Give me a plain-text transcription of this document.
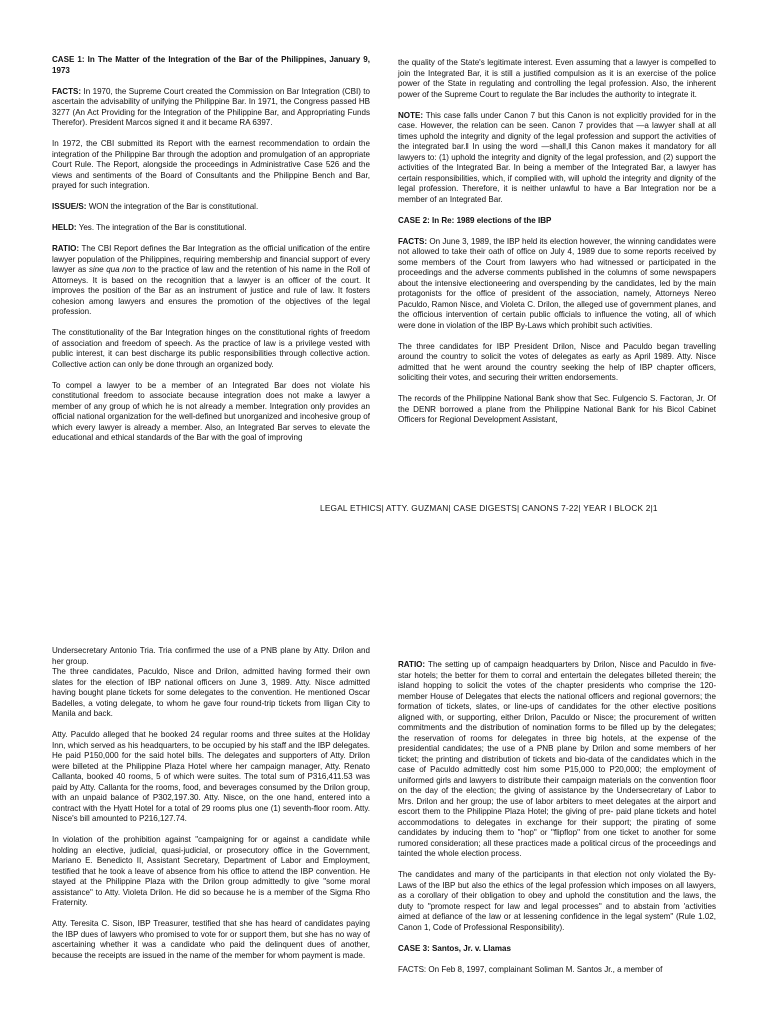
CASE 1: In The Matter of the Integration of the Bar of the Philippines, January 9, 1973

FACTS: In 1970, the Supreme Court created the Commission on Bar Integration (CBI) to ascertain the advisability of unifying the Philippine Bar. In 1971, the Congress passed HB 3277 (An Act Providing for the Integration of the Philippine Bar, and Appropriating Funds Therefor). President Marcos signed it and it became RA 6397.

In 1972, the CBI submitted its Report with the earnest recommendation to ordain the integration of the Philippine Bar through the adoption and promulgation of an appropriate Court Rule. The Report, alongside the proceedings in Administrative Case 526 and the views and sentiments of the Board of Consultants and the Philippine Bench and Bar, prayed for such integration.

ISSUE/S: WON the integration of the Bar is constitutional.

HELD: Yes. The integration of the Bar is constitutional.

RATIO: The CBI Report defines the Bar Integration as the official unification of the entire lawyer population of the Philippines, requiring membership and financial support of every lawyer as sine qua non to the practice of law and the retention of his name in the Roll of Attorneys. It is based on the recognition that a lawyer is an officer of the court. It improves the position of the Bar as an instrument of justice and rule of law. It fosters cohesion among lawyers and ensures the promotion of the objectives of the legal profession.

The constitutionality of the Bar Integration hinges on the constitutional rights of freedom of association and freedom of speech. As the practice of law is a privilege vested with public interest, it can best discharge its public responsibilities through collective action. Collective action can only be done through an organized body.

To compel a lawyer to be a member of an Integrated Bar does not violate his constitutional freedom to associate because integration does not make a lawyer a member of any group of which he is not already a member. Integration only provides an official national organization for the well-defined but unorganized and incohesive group of which every lawyer is already a member. Also, an Integrated Bar serves to elevate the educational and ethical standards of the Bar with the goal of improving

the quality of the State's legitimate interest. Even assuming that a lawyer is compelled to join the Integrated Bar, it is still a justified compulsion as it is an exercise of the police power of the State in regulating and controlling the legal profession. Also, the inherent power of the Supreme Court to regulate the Bar includes the authority to integrate it.

NOTE: This case falls under Canon 7 but this Canon is not explicitly provided for in the case. However, the relation can be seen. Canon 7 provides that ―a lawyer shall at all times uphold the integrity and dignity of the legal profession and support the activities of the integrated bar.‖ In using the word ―shall,‖ this Canon makes it mandatory for all lawyers to: (1) uphold the integrity and dignity of the legal profession, and (2) support the activities of the Integrated Bar. In being a member of the Integrated Bar, a lawyer has certain responsibilities, which, if complied with, will uphold the integrity and dignity of the legal profession. Therefore, it is neither unlawful to have a Bar Integration nor be a member of an Integrated Bar.

CASE 2: In Re: 1989 elections of the IBP

FACTS: On June 3, 1989, the IBP held its election however, the winning candidates were not allowed to take their oath of office on July 4, 1989 due to some reports received by some members of the Court from lawyers who had witnessed or participated in the proceedings and the adverse comments published in the columns of some newspapers about the intensive electioneering and overspending by the candidates, led by the main protagonists for the office of president of the association, namely, Attorneys Nereo Paculdo, Ramon Nisce, and Violeta C. Drilon, the alleged use of government planes, and the officious intervention of certain public officials to influence the voting, all of which were done in violation of the IBP By-Laws which prohibit such activities.

The three candidates for IBP President Drilon, Nisce and Paculdo began travelling around the country to solicit the votes of delegates as early as April 1989. Atty. Nisce admitted that he went around the country seeking the help of IBP chapter officers, soliciting their votes, and securing their written endorsements.

The records of the Philippine National Bank show that Sec. Fulgencio S. Factoran, Jr. Of the DENR borrowed a plane from the Philippine National Bank for his Bicol Cabinet Officers for Regional Development Assistant,

LEGAL ETHICS| ATTY. GUZMAN| CASE DIGESTS| CANONS 7-22| YEAR I BLOCK 2|1

Undersecretary Antonio Tria. Tria confirmed the use of a PNB plane by Atty. Drilon and her group.
The three candidates, Paculdo, Nisce and Drilon, admitted having formed their own slates for the election of IBP national officers on June 3, 1989. Atty. Nisce admitted having bought plane tickets for some delegates to the convention. He mentioned Oscar Badelles, a voting delegate, to whom he gave four round-trip tickets from Iligan City to Manila and back.

Atty. Paculdo alleged that he booked 24 regular rooms and three suites at the Holiday Inn, which served as his headquarters, to be occupied by his staff and the IBP delegates. He paid P150,000 for the said hotel bills. The delegates and supporters of Atty. Drilon were billeted at the Philippine Plaza Hotel where her campaign manager, Atty. Renato Callanta, booked 40 rooms, 5 of which were suites. The total sum of P316,411.53 was paid by Atty. Callanta for the rooms, food, and beverages consumed by the Drilon group, with an unpaid balance of P302,197.30. Atty. Nisce, on the one hand, entered into a contract with the Hyatt Hotel for a total of 29 rooms plus one (1) seventh-floor room. Atty. Nisce's bill amounted to P216,127.74.

In violation of the prohibition against "campaigning for or against a candidate while holding an elective, judicial, quasi-judicial, or prosecutory office in the Government, Mariano E. Benedicto II, Assistant Secretary, Department of Labor and Employment, testified that he took a leave of absence from his office to attend the IBP convention. He stayed at the Philippine Plaza with the Drilon group admittedly to give "some moral assistance" to Atty. Violeta Drilon. He did so because he is a member of the Sigma Rho Fraternity.

Atty. Teresita C. Sison, IBP Treasurer, testified that she has heard of candidates paying the IBP dues of lawyers who promised to vote for or support them, but she has no way of ascertaining whether it was a candidate who paid the delinquent dues of another, because the receipts are issued in the name of the member for whom payment is made.

RATIO: The setting up of campaign headquarters by Drilon, Nisce and Paculdo in five-star hotels; the better for them to corral and entertain the delegates billeted therein; the island hopping to solicit the votes of the chapter presidents who comprise the 120-member House of Delegates that elects the national officers and regional governors; the formation of tickets, slates, or line-ups of candidates for the other elective positions aligned with, or supporting, either Drilon, Paculdo or Nisce; the procurement of written commitments and the distribution of nomination forms to be filled up by the delegates; the reservation of rooms for delegates in three big hotels, at the expense of the presidential candidates; the use of a PNB plane by Drilon and some members of her ticket; the printing and distribution of tickets and bio-data of the candidates which in the case of Paculdo admittedly cost him some P15,000 to P20,000; the employment of uniformed girls and lawyers to distribute their campaign materials on the convention floor on the day of the election; the giving of assistance by the Undersecretary of Labor to Mrs. Drilon and her group; the use of labor arbiters to meet delegates at the airport and escort them to the Philippine Plaza Hotel; the giving of pre- paid plane tickets and hotel accommodations to delegates in exchange for their support; the pirating of some candidates by inducing them to "hop" or "flipflop" from one ticket to another for some rumored consideration; all these practices made a political circus of the proceedings and tainted the whole election process.

The candidates and many of the participants in that election not only violated the By-Laws of the IBP but also the ethics of the legal profession which imposes on all lawyers, as a corollary of their obligation to obey and uphold the constitution and the laws, the duty to "promote respect for law and legal processes" and to abstain from 'activities aimed at defiance of the law or at lessening confidence in the legal system" (Rule 1.02, Canon 1, Code of Professional Responsibility).

CASE 3: Santos, Jr. v. Llamas

FACTS: On Feb 8, 1997, complainant Soliman M. Santos Jr., a member of
